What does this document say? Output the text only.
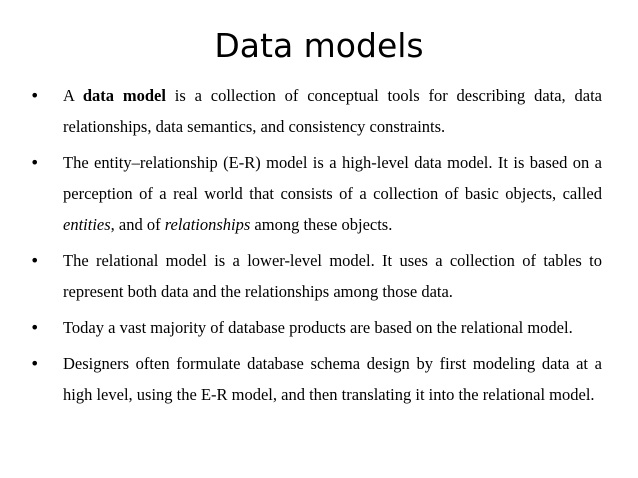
Data models
•	A data model is a collection of conceptual tools for describing data, data relationships, data semantics, and consistency constraints.
•	The entity–relationship (E-R) model is a high-level data model. It is based on a perception of a real world that consists of a collection of basic objects, called entities, and of relationships among these objects.
•	The relational model is a lower-level model. It uses a collection of tables to represent both data and the relationships among those data.
•	Today a vast majority of database products are based on the relational model.
•	Designers often formulate database schema design by first modeling data at a high level, using the E-R model, and then translating it into the relational model.
